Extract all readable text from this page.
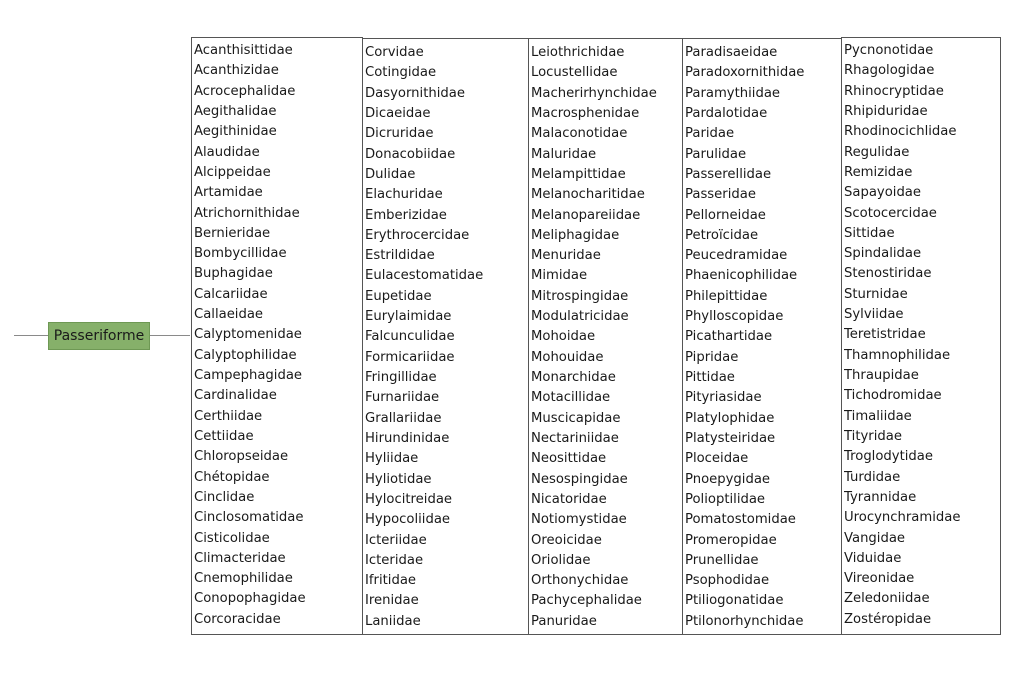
Passeriforme
Acanthisittidae
Acanthizidae
Acrocephalidae
Aegithalidae
Aegithinidae
Alaudidae
Alcippeidae
Artamidae
Atrichornithidae
Bernieridae
Bombycillidae
Buphagidae
Calcariidae
Callaeidae
Calyptomenidae
Calyptophilidae
Campephagidae
Cardinalidae
Certhiidae
Cettiidae
Chloropseidae
Chétopidae
Cinclidae
Cinclosomatidae
Cisticolidae
Climacteridae
Cnemophilidae
Conopophagidae
Corcoracidae
Corvidae
Cotingidae
Dasyornithidae
Dicaeidae
Dicruridae
Donacobiidae
Dulidae
Elachuridae
Emberizidae
Erythrocercidae
Estrildidae
Eulacestomatidae
Eupetidae
Eurylaimidae
Falcunculidae
Formicariidae
Fringillidae
Furnariidae
Grallariidae
Hirundinidae
Hyliidae
Hyliotidae
Hylocitreidae
Hypocoliidae
Icteriidae
Icteridae
Ifritidae
Irenidae
Laniidae
Leiothrichidae
Locustellidae
Macherirhynchidae
Macrosphenidae
Malaconotidae
Maluridae
Melampittidae
Melanocharitidae
Melanopareiidae
Meliphagidae
Menuridae
Mimidae
Mitrospingidae
Modulatricidae
Mohoidae
Mohouidae
Monarchidae
Motacillidae
Muscicapidae
Nectariniidae
Neosittidae
Nesospingidae
Nicatoridae
Notiomystidae
Oreoicidae
Oriolidae
Orthonychidae
Pachycephalidae
Panuridae
Paradisaeidae
Paradoxornithidae
Paramythiidae
Pardalotidae
Paridae
Parulidae
Passerellidae
Passeridae
Pellorneidae
Petroïcidae
Peucedramidae
Phaenicophilidae
Philepittidae
Phylloscopidae
Picathartidae
Pipridae
Pittidae
Pityriasidae
Platylophidae
Platysteiridae
Ploceidae
Pnoepygidae
Polioptilidae
Pomatostomidae
Promeropidae
Prunellidae
Psophodidae
Ptiliogonatidae
Ptilonorhynchidae
Pycnonotidae
Rhagologidae
Rhinocryptidae
Rhipiduridae
Rhodinocichlidae
Regulidae
Remizidae
Sapayoidae
Scotocercidae
Sittidae
Spindalidae
Stenostiridae
Sturnidae
Sylviidae
Teretistridae
Thamnophilidae
Thraupidae
Tichodromidae
Timaliidae
Tityridae
Troglodytidae
Turdidae
Tyrannidae
Urocynchramidae
Vangidae
Viduidae
Vireonidae
Zeledoniidae
Zostéropidae
